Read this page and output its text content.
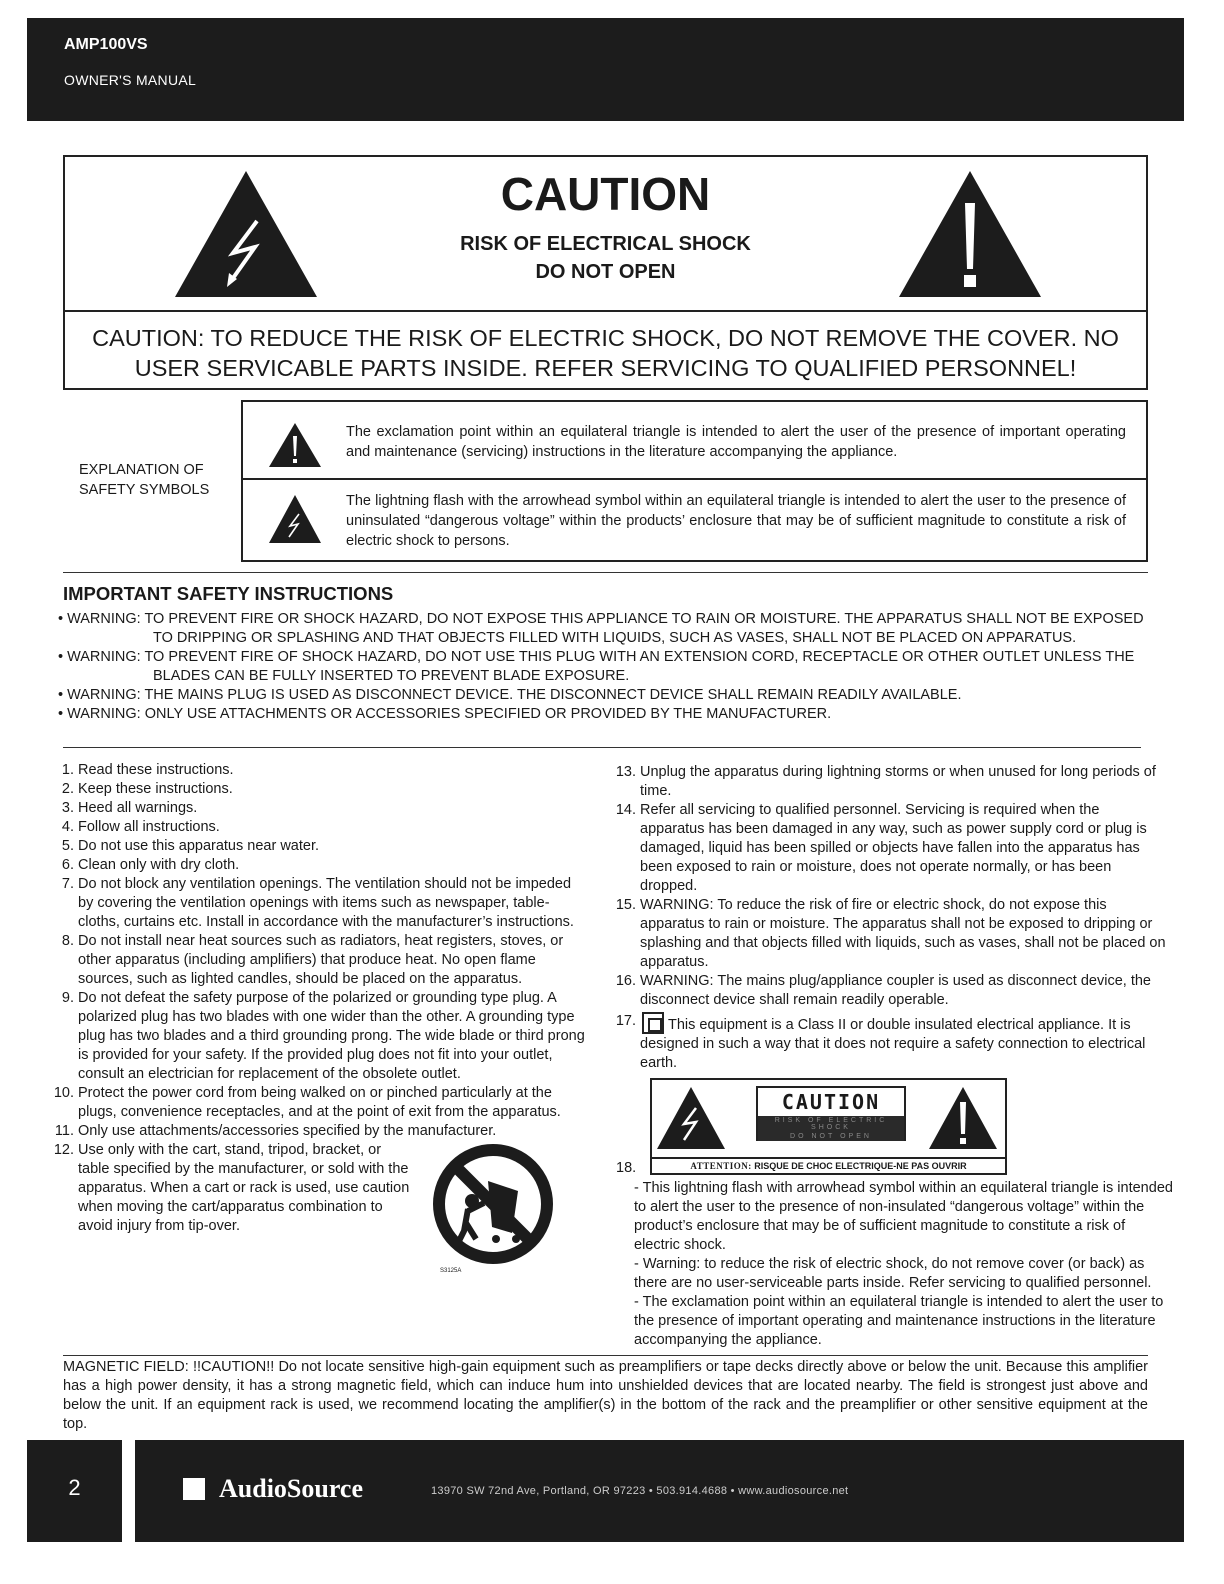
AMP100VS
OWNER'S MANUAL
CAUTION
RISK OF ELECTRICAL SHOCK
DO NOT OPEN
CAUTION: TO REDUCE THE RISK OF ELECTRIC SHOCK, DO NOT REMOVE THE COVER. NO USER SERVICABLE PARTS INSIDE. REFER SERVICING TO QUALIFIED PERSONNEL!
EXPLANATION OF SAFETY SYMBOLS
The exclamation point within an equilateral triangle is intended to alert the user of the presence of important operating and maintenance (servicing) instructions in the literature accompanying the appliance.
The lightning flash with the arrowhead symbol within an equilateral triangle is intended to alert the user to the presence of uninsulated “dangerous voltage” within the products’ enclosure that may be of sufficient magnitude to constitute a risk of electric shock to persons.
IMPORTANT SAFETY INSTRUCTIONS
• WARNING: TO PREVENT FIRE OR SHOCK HAZARD, DO NOT EXPOSE THIS APPLIANCE TO RAIN OR MOISTURE. THE APPARATUS SHALL NOT BE EXPOSED TO DRIPPING OR SPLASHING AND THAT OBJECTS FILLED WITH LIQUIDS, SUCH AS VASES, SHALL NOT BE PLACED ON APPARATUS.
• WARNING: TO PREVENT FIRE OF SHOCK HAZARD, DO NOT USE THIS PLUG WITH AN EXTENSION CORD, RECEPTACLE OR OTHER OUTLET UNLESS THE BLADES CAN BE FULLY INSERTED TO PREVENT BLADE EXPOSURE.
• WARNING: THE MAINS PLUG IS USED AS DISCONNECT DEVICE. THE DISCONNECT DEVICE SHALL REMAIN READILY AVAILABLE.
• WARNING: ONLY USE ATTACHMENTS OR ACCESSORIES SPECIFIED OR PROVIDED BY THE MANUFACTURER.
1. Read these instructions.
2. Keep these instructions.
3. Heed all warnings.
4. Follow all instructions.
5. Do not use this apparatus near water.
6. Clean only with dry cloth.
7. Do not block any ventilation openings. The ventilation should not be impeded by covering the ventilation openings with items such as newspaper, table-cloths, curtains etc. Install in accordance with the manufacturer’s instructions.
8. Do not install near heat sources such as radiators, heat registers, stoves, or other apparatus (including amplifiers) that produce heat. No open flame sources, such as lighted candles, should be placed on the apparatus.
9. Do not defeat the safety purpose of the polarized or grounding type plug. A polarized plug has two blades with one wider than the other. A grounding type plug has two blades and a third grounding prong. The wide blade or third prong is provided for your safety. If the provided plug does not fit into your outlet, consult an electrician for replacement of the obsolete outlet.
10. Protect the power cord from being walked on or pinched particularly at the plugs, convenience receptacles, and at the point of exit from the apparatus.
11. Only use attachments/accessories specified by the manufacturer.
12. Use only with the cart, stand, tripod, bracket, or table specified by the manufacturer, or sold with the apparatus. When a cart or rack is used, use caution when moving the cart/apparatus combination to avoid injury from tip-over.
S3125A
13. Unplug the apparatus during lightning storms or when unused for long periods of time.
14. Refer all servicing to qualified personnel. Servicing is required when the apparatus has been damaged in any way, such as power supply cord or plug is damaged, liquid has been spilled or objects have fallen into the apparatus has been exposed to rain or moisture, does not operate normally, or has been dropped.
15. WARNING: To reduce the risk of fire or electric shock, do not expose this apparatus to rain or moisture. The apparatus shall not be exposed to dripping or splashing and that objects filled with liquids, such as vases, shall not be placed on apparatus.
16. WARNING: The mains plug/appliance coupler is used as disconnect device, the disconnect device shall remain readily operable.
17. This equipment is a Class II or double insulated electrical appliance. It is designed in such a way that it does not require a safety connection to electrical earth.
CAUTION
RISK OF ELECTRIC SHOCK
DO NOT OPEN
ATTENTION: RISQUE DE CHOC ELECTRIQUE-NE PAS OUVRIR
18.
- This lightning flash with arrowhead symbol within an equilateral triangle is intended to alert the user to the presence of non-insulated “dangerous voltage” within the product’s enclosure that may be of sufficient magnitude to constitute a risk of electric shock.
- Warning: to reduce the risk of electric shock, do not remove cover (or back) as there are no user-serviceable parts inside. Refer servicing to qualified personnel.
- The exclamation point within an equilateral triangle is intended to alert the user to the presence of important operating and maintenance instructions in the literature accompanying the appliance.
MAGNETIC FIELD: !!CAUTION!! Do not locate sensitive high-gain equipment such as preamplifiers or tape decks directly above or below the unit. Because this amplifier has a high power density, it has a strong magnetic field, which can induce hum into unshielded devices that are located nearby. The field is strongest just above and below the unit. If an equipment rack is used, we recommend locating the amplifier(s) in the bottom of the rack and the preamplifier or other sensitive equipment at the top.
2	AudioSource	13970 SW 72nd Ave, Portland, OR 97223 • 503.914.4688 • www.audiosource.net
